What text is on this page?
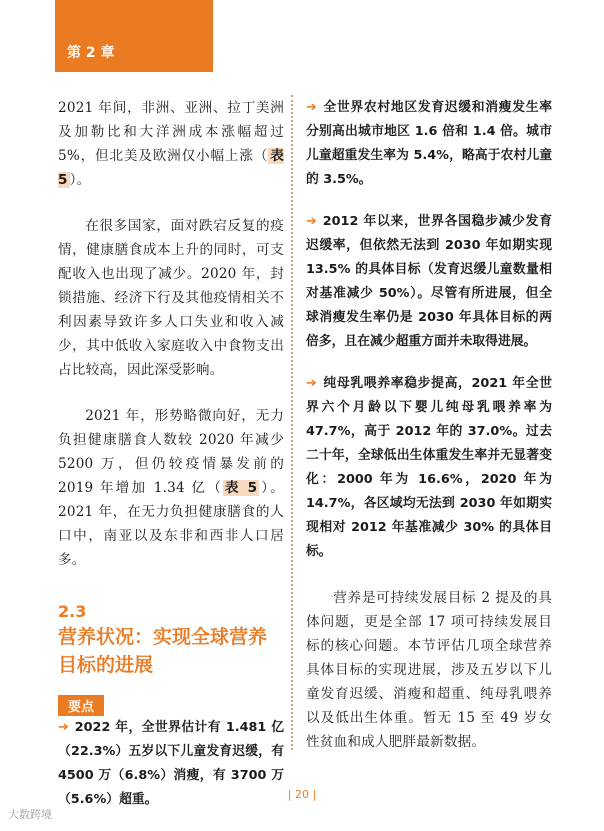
第 2 章

2021 年间，非洲、亚洲、拉丁美洲及加勒比和大洋洲成本涨幅超过 5%，但北美及欧洲仅小幅上涨（ 表 5 ）。

在很多国家，面对跌宕反复的疫情，健康膳食成本上升的同时，可支配收入也出现了减少。2020 年，封锁措施、经济下行及其他疫情相关不利因素导致许多人口失业和收入减少，其中低收入家庭收入中食物支出占比较高，因此深受影响。

2021 年，形势略微向好，无力负担健康膳食人数较 2020 年减少 5200 万，但仍较疫情暴发前的 2019 年增加 1.34 亿（ 表 5 ）。2021 年，在无力负担健康膳食的人口中，南亚以及东非和西非人口居多。

2.3

营养状况：实现全球营养目标的进展

要点

➔ 2022 年，全世界估计有 1.481 亿（22.3%）五岁以下儿童发育迟缓，有 4500 万（6.8%）消瘦，有 3700 万（5.6%）超重。

➔ 全世界农村地区发育迟缓和消瘦发生率分别高出城市地区 1.6 倍和 1.4 倍。城市儿童超重发生率为 5.4%，略高于农村儿童的 3.5%。

➔ 2012 年以来，世界各国稳步减少发育迟缓率，但依然无法到 2030 年如期实现 13.5% 的具体目标（发育迟缓儿童数量相对基准减少 50%）。尽管有所进展，但全球消瘦发生率仍是 2030 年具体目标的两倍多，且在减少超重方面并未取得进展。

➔ 纯母乳喂养率稳步提高，2021 年全世界六个月龄以下婴儿纯母乳喂养率为 47.7%，高于 2012 年的 37.0%。过去二十年，全球低出生体重发生率并无显著变化：2000 年为 16.6%，2020 年为 14.7%，各区域均无法到 2030 年如期实现相对 2012 年基准减少 30% 的具体目标。

营养是可持续发展目标 2 提及的具体问题，更是全部 17 项可持续发展目标的核心问题。本节评估几项全球营养具体目标的实现进展，涉及五岁以下儿童发育迟缓、消瘦和超重、纯母乳喂养以及低出生体重。暂无 15 至 49 岁女性贫血和成人肥胖最新数据。

| 20 |
大数跨境
